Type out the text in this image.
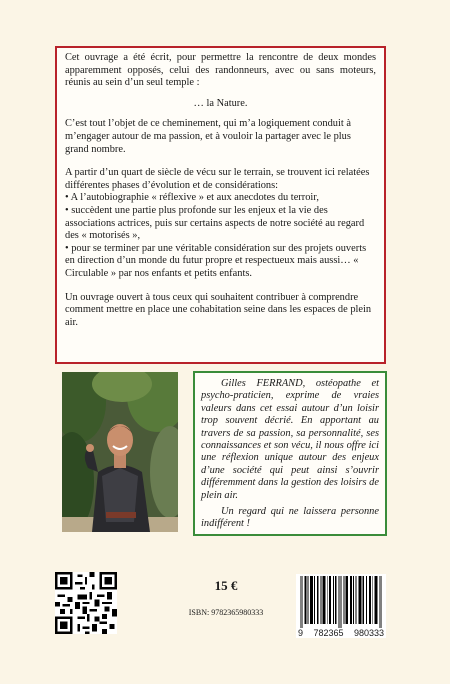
Cet ouvrage a été écrit, pour permettre la rencontre de deux mondes apparemment opposés, celui des randonneurs, avec ou sans moteurs, réunis au sein d’un seul temple :

… la Nature.

C’est tout l’objet de ce cheminement, qui m’a logiquement conduit à m’engager autour de ma passion, et à vouloir la partager avec le plus grand nombre.

A partir d’un quart de siècle de vécu sur le terrain, se trouvent ici relatées différentes phases d’évolution et de considérations:

• A l’autobiographie « réflexive » et aux anecdotes du terroir,

• succèdent une partie plus profonde sur les enjeux et la vie des associations actrices, puis sur certains aspects de notre société au regard des « motorisés »,

• pour se terminer par une véritable considération sur des projets ouverts en direction d’un monde du futur propre et respectueux mais aussi… « Circulable » par nos enfants et petits enfants.

Un ouvrage ouvert à tous ceux qui souhaitent contribuer à comprendre comment mettre en place une cohabitation seine dans les espaces de plein air.

Gilles FERRAND, ostéopathe et psycho-praticien, exprime de vraies valeurs dans cet essai autour d’un loisir trop souvent décrié. En apportant au travers de sa passion, sa personnalité, ses connaissances et son vécu, il nous offre ici une réflexion unique autour des enjeux d’une société qui peut ainsi s’ouvrir différemment dans la gestion des loisirs de plein air.

Un regard qui ne laissera personne indifférent !

15 €
ISBN: 9782365980333
9 782365 980333
